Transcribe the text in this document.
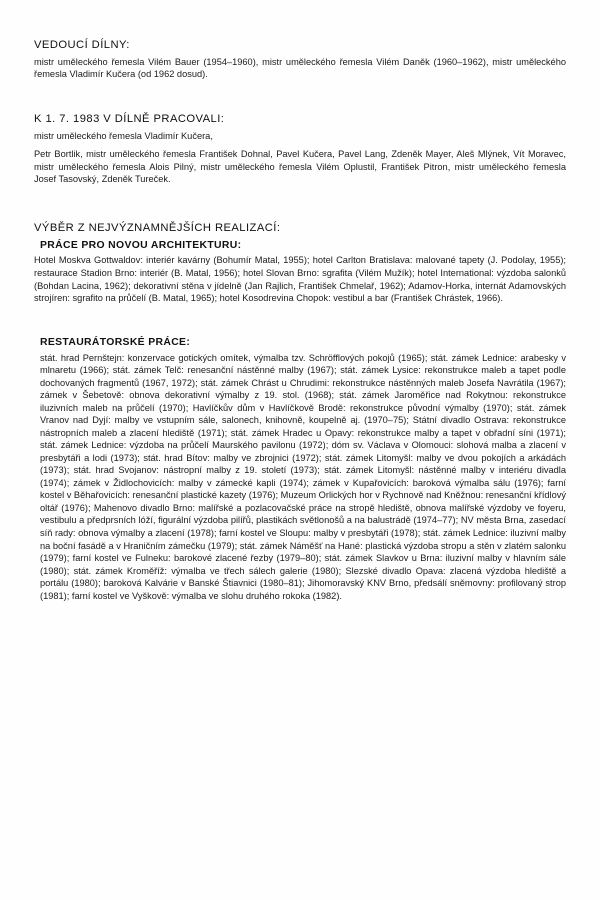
VEDOUCÍ DÍLNY:

mistr uměleckého řemesla Vilém Bauer (1954–1960), mistr uměleckého řemesla Vilém Daněk (1960–1962), mistr uměleckého řemesla Vladimír Kučera (od 1962 dosud).

K 1. 7. 1983 V DÍLNĚ PRACOVALI:

mistr uměleckého řemesla Vladimír Kučera,

Petr Bortlik, mistr uměleckého řemesla František Dohnal, Pavel Kučera, Pavel Lang, Zdeněk Mayer, Aleš Mlýnek, Vít Moravec, mistr uměleckého řemesla Alois Pilný, mistr uměleckého řemesla Vilém Oplustil, František Pitron, mistr uměleckého řemesla Josef Tasovský, Zdeněk Tureček.

VÝBĚR Z NEJVÝZNAMNĚJŠÍCH REALIZACÍ:
PRÁCE PRO NOVOU ARCHITEKTURU:

Hotel Moskva Gottwaldov: interiér kavárny (Bohumír Matal, 1955); hotel Carlton Bratislava: malované tapety (J. Podolay, 1955); restaurace Stadion Brno: interiér (B. Matal, 1956); hotel Slovan Brno: sgrafita (Vilém Mužík); hotel International: výzdoba salonků (Bohdan Lacina, 1962); dekorativní stěna v jídelně (Jan Rajlich, František Chmelař, 1962); Adamov-Horka, internát Adamovských strojíren: sgrafito na průčelí (B. Matal, 1965); hotel Kosodrevina Chopok: vestibul a bar (František Chrástek, 1966).

RESTAURÁTORSKÉ PRÁCE:

stát. hrad Pernštejn: konzervace gotických omítek, výmalba tzv. Schröfflových pokojů (1965); stát. zámek Lednice: arabesky v mlnaretu (1966); stát. zámek Telč: renesanční nástěnné malby (1967); stát. zámek Lysice: rekonstrukce maleb a tapet podle dochovaných fragmentů (1967, 1972); stát. zámek Chrást u Chrudimi: rekonstrukce nástěnných maleb Josefa Navrátila (1967); zámek v Šebetově: obnova dekorativní výmalby z 19. stol. (1968); stát. zámek Jaroměřice nad Rokytnou: rekonstrukce iluzivních maleb na průčelí (1970); Havlíčkův dům v Havlíčkově Brodě: rekonstrukce původní výmalby (1970); stát. zámek Vranov nad Dyjí: malby ve vstupním sále, salonech, knihovně, koupelně aj. (1970–75); Státní divadlo Ostrava: rekonstrukce nástropních maleb a zlacení hlediště (1971); stát. zámek Hradec u Opavy: rekonstrukce malby a tapet v obřadní síni (1971); stát. zámek Lednice: výzdoba na průčelí Maurského pavilonu (1972); dóm sv. Václava v Olomouci: slohová malba a zlacení v presbytáři a lodi (1973); stát. hrad Bítov: malby ve zbrojnici (1972); stát. zámek Litomyšl: malby ve dvou pokojích a arkádách (1973); stát. hrad Svojanov: nástropní malby z 19. století (1973); stát. zámek Litomyšl: nástěnné malby v interiéru divadla (1974); zámek v Židlochovicích: malby v zámecké kapli (1974); zámek v Kupařovicích: baroková výmalba sálu (1976); farní kostel v Běhařovicích: renesanční plastické kazety (1976); Muzeum Orlických hor v Rychnově nad Kněžnou: renesanční křídlový oltář (1976); Mahenovo divadlo Brno: malířské a pozlacovačské práce na stropě hlediště, obnova malířské výzdoby ve foyeru, vestibulu a předprsních lóží, figurální výzdoba pilířů, plastikách světlonošů a na balustrádě (1974–77); NV města Brna, zasedací síň rady: obnova výmalby a zlacení (1978); farní kostel ve Sloupu: malby v presbytáři (1978); stát. zámek Lednice: iluzivní malby na boční fasádě a v Hraničním zámečku (1979); stát. zámek Náměšť na Hané: plastická výzdoba stropu a stěn v zlatém salonku (1979); farní kostel ve Fulneku: barokové zlacené řezby (1979–80); stát. zámek Slavkov u Brna: iluzivní malby v hlavním sále (1980); stát. zámek Kroměříž: výmalba ve třech sálech galerie (1980); Slezské divadlo Opava: zlacená výzdoba hlediště a portálu (1980); baroková Kalvárie v Banské Štiavnici (1980–81); Jihomoravský KNV Brno, předsálí sněmovny: profilovaný strop (1981); farní kostel ve Vyškově: výmalba ve slohu druhého rokoka (1982).
